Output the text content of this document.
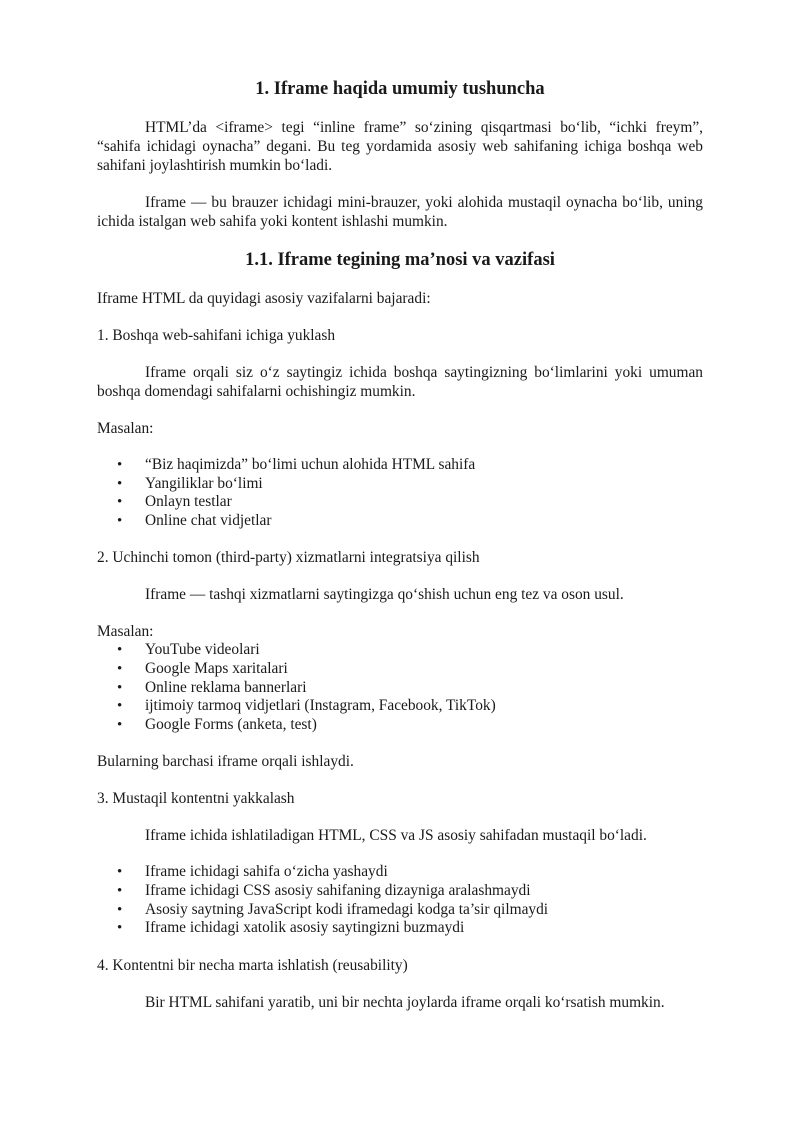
1. Iframe haqida umumiy tushuncha

HTML’da <iframe> tegi “inline frame” so‘zining qisqartmasi bo‘lib, “ichki freym”, “sahifa ichidagi oynacha” degani. Bu teg yordamida asosiy web sahifaning ichiga boshqa web sahifani joylashtirish mumkin bo‘ladi.

Iframe — bu brauzer ichidagi mini-brauzer, yoki alohida mustaqil oynacha bo‘lib, uning ichida istalgan web sahifa yoki kontent ishlashi mumkin.

1.1. Iframe tegining ma’nosi va vazifasi

Iframe HTML da quyidagi asosiy vazifalarni bajaradi:

1. Boshqa web-sahifani ichiga yuklash

Iframe orqali siz o‘z saytingiz ichida boshqa saytingizning bo‘limlarini yoki umuman boshqa domendagi sahifalarni ochishingiz mumkin.

Masalan:

• “Biz haqimizda” bo‘limi uchun alohida HTML sahifa
• Yangiliklar bo‘limi
• Onlayn testlar
• Online chat vidjetlar

2. Uchinchi tomon (third-party) xizmatlarni integratsiya qilish

Iframe — tashqi xizmatlarni saytingizga qo‘shish uchun eng tez va oson usul.

Masalan:

• YouTube videolari
• Google Maps xaritalari
• Online reklama bannerlari
• ijtimoiy tarmoq vidjetlari (Instagram, Facebook, TikTok)
• Google Forms (anketa, test)

Bularning barchasi iframe orqali ishlaydi.

3. Mustaqil kontentni yakkalash

Iframe ichida ishlatiladigan HTML, CSS va JS asosiy sahifadan mustaqil bo‘ladi.

• Iframe ichidagi sahifa o‘zicha yashaydi
• Iframe ichidagi CSS asosiy sahifaning dizayniga aralashmaydi
• Asosiy saytning JavaScript kodi iframedagi kodga ta’sir qilmaydi
• Iframe ichidagi xatolik asosiy saytingizni buzmaydi

4. Kontentni bir necha marta ishlatish (reusability)

Bir HTML sahifani yaratib, uni bir nechta joylarda iframe orqali ko‘rsatish mumkin.
